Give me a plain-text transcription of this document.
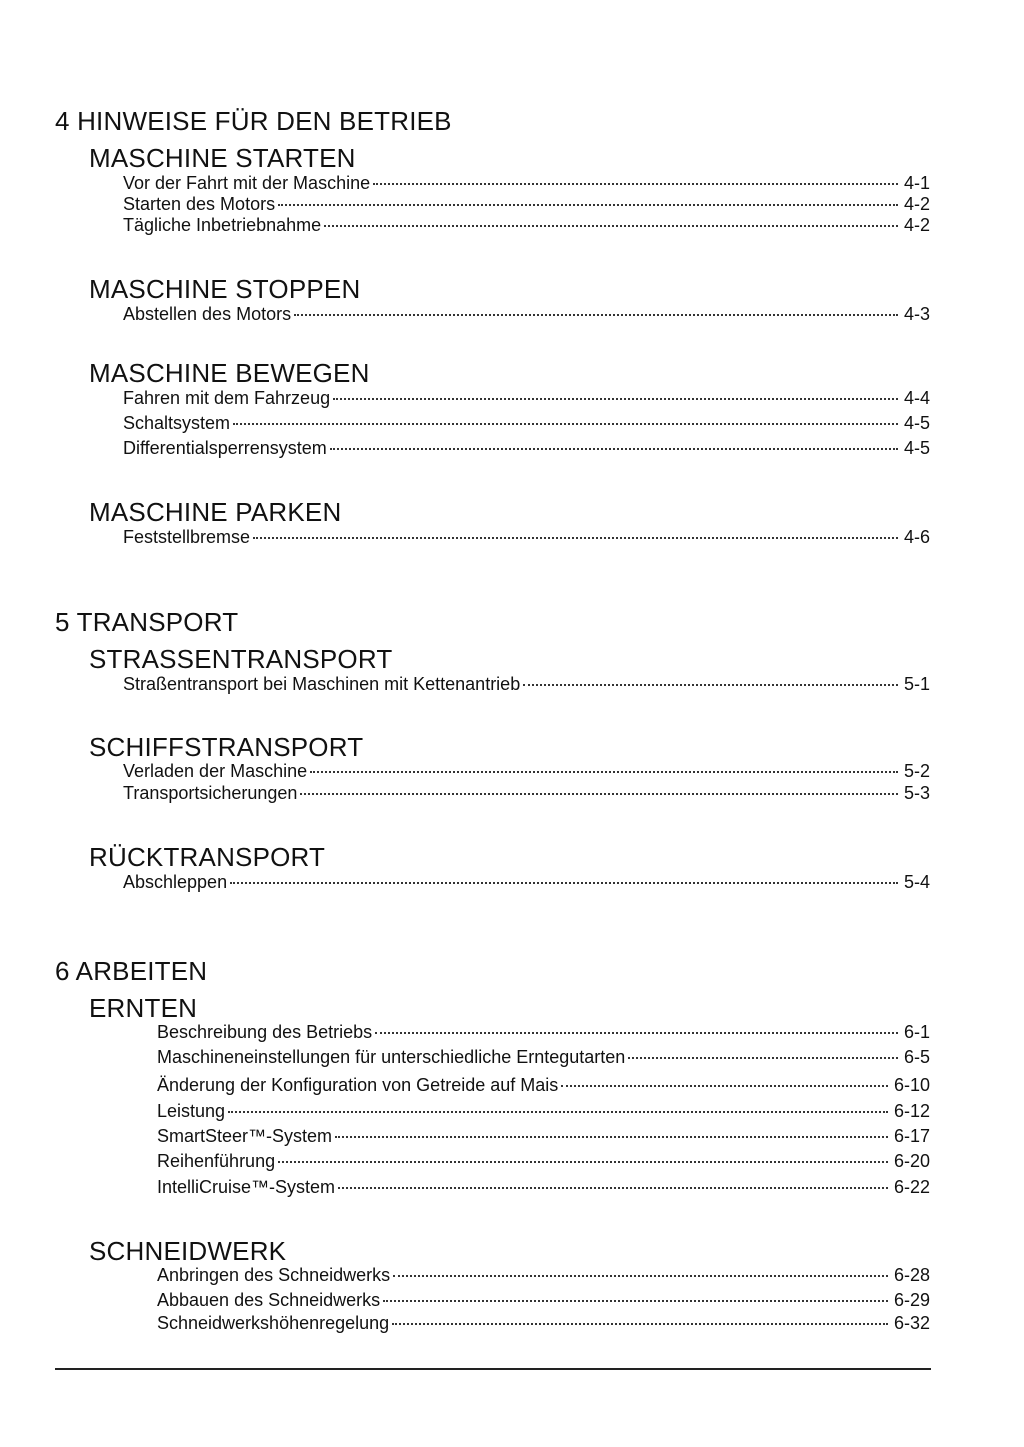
4 HINWEISE FÜR DEN BETRIEB
MASCHINE STARTEN
Vor der Fahrt mit der Maschine	4-1
Starten des Motors	4-2
Tägliche Inbetriebnahme	4-2
MASCHINE STOPPEN
Abstellen des Motors	4-3
MASCHINE BEWEGEN
Fahren mit dem Fahrzeug	4-4
Schaltsystem	4-5
Differentialsperrensystem	4-5
MASCHINE PARKEN
Feststellbremse	4-6
5 TRANSPORT
STRASSENTRANSPORT
Straßentransport bei Maschinen mit Kettenantrieb	5-1
SCHIFFSTRANSPORT
Verladen der Maschine	5-2
Transportsicherungen	5-3
RÜCKTRANSPORT
Abschleppen	5-4
6 ARBEITEN
ERNTEN
Beschreibung des Betriebs	6-1
Maschineneinstellungen für unterschiedliche Erntegutarten	6-5
Änderung der Konfiguration von Getreide auf Mais	6-10
Leistung	6-12
SmartSteer™-System	6-17
Reihenführung	6-20
IntelliCruise™-System	6-22
SCHNEIDWERK
Anbringen des Schneidwerks	6-28
Abbauen des Schneidwerks	6-29
Schneidwerkshöhenregelung	6-32
